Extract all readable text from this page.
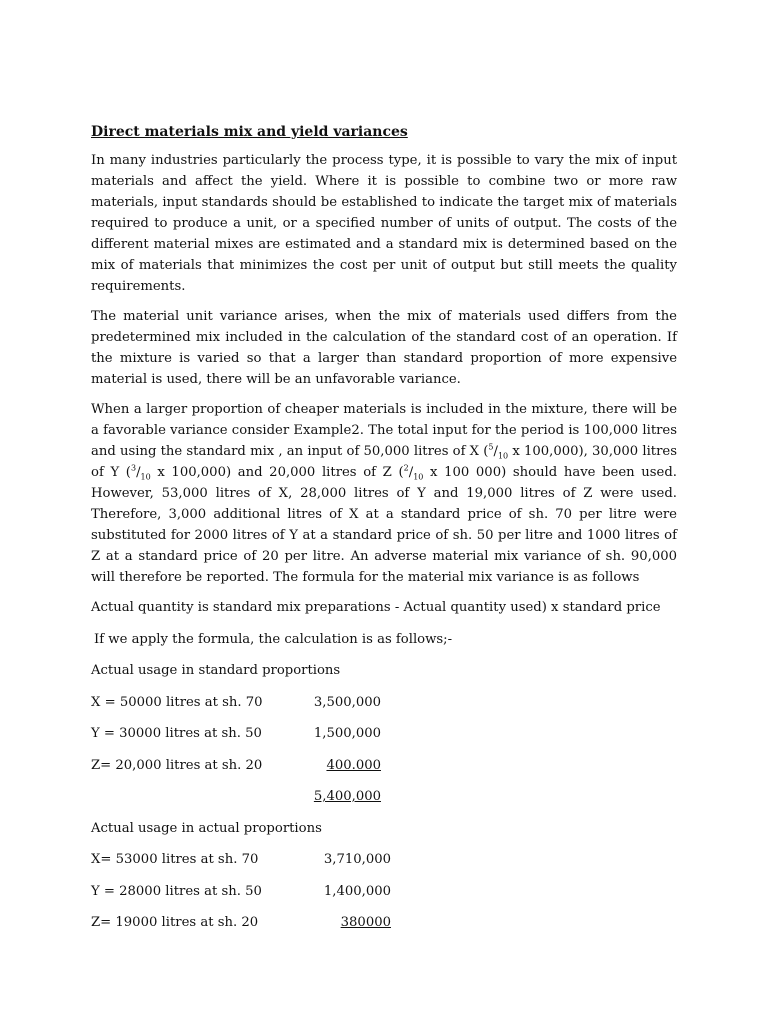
Direct materials mix and yield variances

In many industries particularly the process type, it is possible to vary the mix of input materials and affect the yield. Where it is possible to combine two or more raw materials, input standards should be established to indicate the target mix of materials required to produce a unit, or a specified number of units of output. The costs of the different material mixes are estimated and a standard mix is determined based on the mix of materials that minimizes the cost per unit of output but still meets the quality requirements.

The material unit variance arises, when the mix of materials used differs from the predetermined mix included in the calculation of the standard cost of an operation. If the mixture is varied so that a larger than standard proportion of more expensive material is used, there will be an unfavorable variance.

When a larger proportion of cheaper materials is included in the mixture, there will be a favorable variance consider Example2. The total input for the period is 100,000 litres and using the standard mix , an input of 50,000 litres of X ($^5/_{10}$ x 100,000), 30,000 litres of Y ($^3/_{10}$ x 100,000) and 20,000 litres of Z ($^2/_{10}$ x 100 000) should have been used. However, 53,000 litres of X, 28,000 litres of Y and 19,000 litres of Z were used. Therefore, 3,000 additional litres of X at a standard price of sh. 70 per litre were substituted for 2000 litres of Y at a standard price of sh. 50 per litre and 1000 litres of Z at a standard price of 20 per litre. An adverse material mix variance of sh. 90,000 will therefore be reported. The formula for the material mix variance is as follows

Actual quantity is standard mix preparations - Actual quantity used) x standard price
If we apply the formula, the calculation is as follows;-
Actual usage in standard proportions
X = 50000 litres at sh. 70	3,500,000
Y = 30000 litres at sh. 50	1,500,000
Z= 20,000 litres at sh. 20	400.000
5,400,000
Actual usage in actual proportions
X= 53000 litres at sh. 70	3,710,000
Y = 28000 litres at sh. 50	1,400,000
Z= 19000 litres at sh. 20	380000
